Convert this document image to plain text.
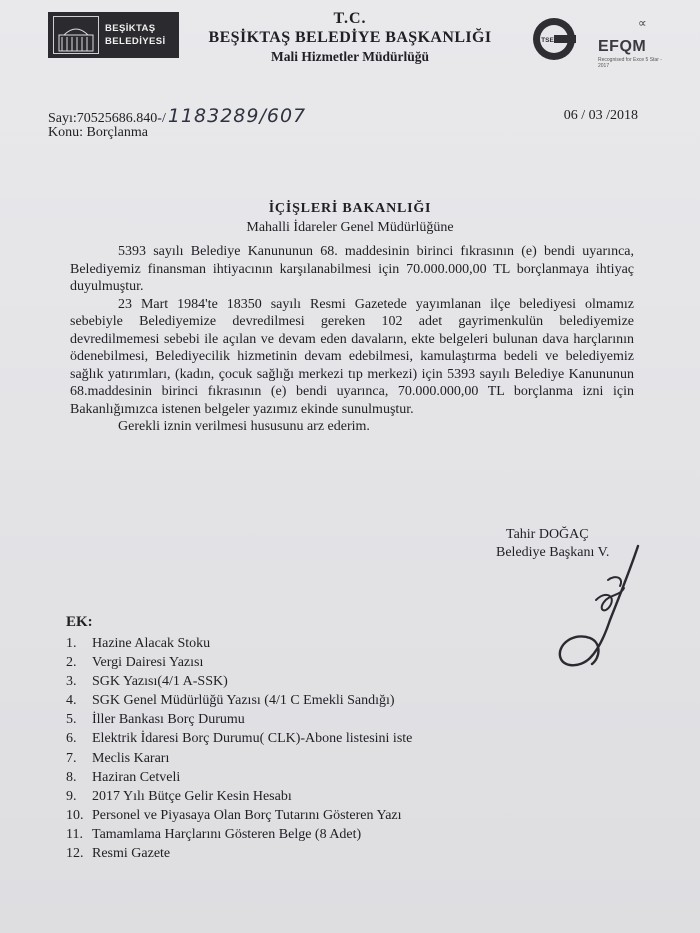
BEŞİKTAŞ
BELEDİYESİ
T.C.
BEŞİKTAŞ BELEDİYE BAŞKANLIĞI
Mali Hizmetler Müdürlüğü
TSE ISO
∝
EFQM
Recognised for Exce 5 Star - 2017
Sayı:70525686.840-/ 1183289/607
Konu: Borçlanma
06 / 03 /2018
İÇİŞLERİ BAKANLIĞI
Mahalli İdareler Genel Müdürlüğüne

5393 sayılı Belediye Kanununun 68. maddesinin birinci fıkrasının (e) bendi uyarınca, Belediyemiz finansman ihtiyacının karşılanabilmesi için 70.000.000,00 TL borçlanmaya ihtiyaç duyulmuştur.

23 Mart 1984'te 18350 sayılı Resmi Gazetede yayımlanan ilçe belediyesi olmamız sebebiyle Belediyemize devredilmesi gereken 102 adet gayrimenkulün belediyemize devredilmemesi sebebi ile açılan ve devam eden davaların, ekte belgeleri bulunan dava harçlarının ödenebilmesi, Belediyecilik hizmetinin devam edebilmesi, kamulaştırma bedeli ve belediyemiz sağlık yatırımları, (kadın, çocuk sağlığı merkezi tıp merkezi) için 5393 sayılı Belediye Kanununun 68.maddesinin birinci fıkrasının (e) bendi uyarınca, 70.000.000,00 TL borçlanma izni için Bakanlığımızca istenen belgeler yazımız ekinde sunulmuştur.

Gerekli iznin verilmesi hususunu arz ederim.

Tahir DOĞAÇ
Belediye Başkanı V.
EK:
1.	Hazine Alacak Stoku
2.	Vergi Dairesi Yazısı
3.	SGK Yazısı(4/1 A-SSK)
4.	SGK Genel Müdürlüğü Yazısı (4/1 C Emekli Sandığı)
5.	İller Bankası Borç Durumu
6.	Elektrik İdaresi Borç Durumu( CLK)-Abone listesini iste
7.	Meclis Kararı
8.	Haziran Cetveli
9.	2017 Yılı Bütçe Gelir Kesin Hesabı
10. Personel ve Piyasaya Olan Borç Tutarını Gösteren Yazı
11. Tamamlama Harçlarını Gösteren Belge (8 Adet)
12. Resmi Gazete
